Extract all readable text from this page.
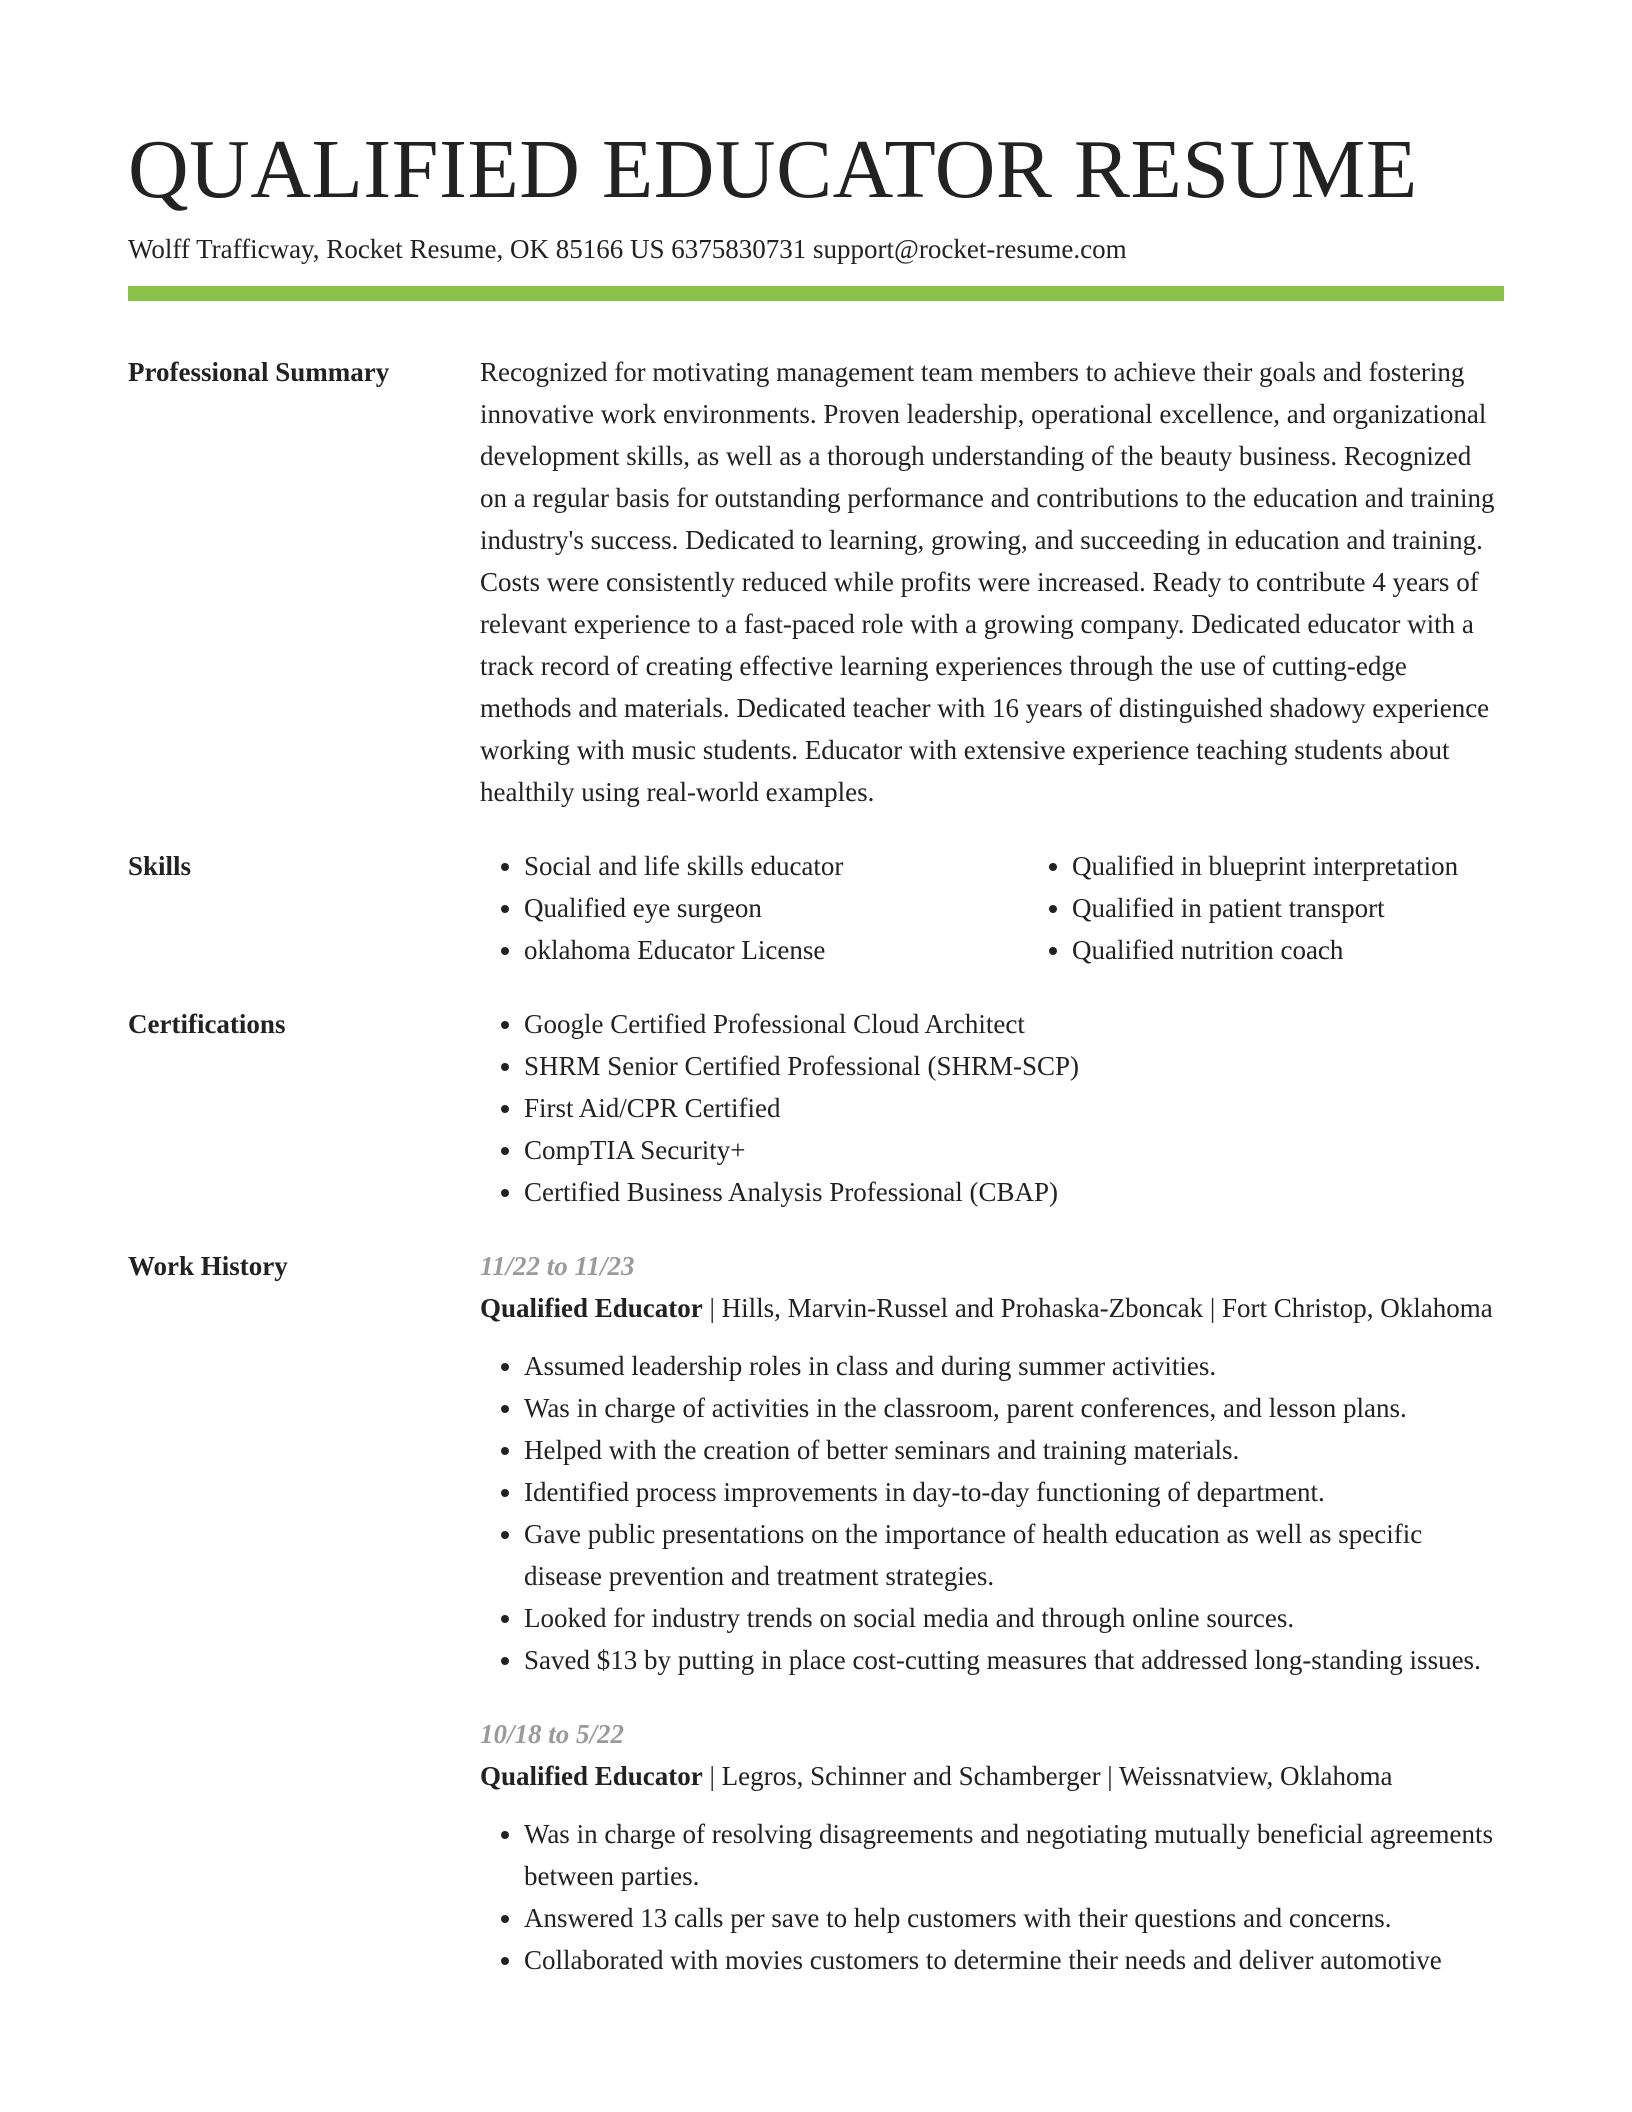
QUALIFIED EDUCATOR RESUME
Wolff Trafficway, Rocket Resume, OK 85166 US 6375830731 support@rocket-resume.com
Professional Summary	Recognized for motivating management team members to achieve their goals and fostering innovative work environments. Proven leadership, operational excellence, and organizational development skills, as well as a thorough understanding of the beauty business. Recognized on a regular basis for outstanding performance and contributions to the education and training industry's success. Dedicated to learning, growing, and succeeding in education and training. Costs were consistently reduced while profits were increased. Ready to contribute 4 years of relevant experience to a fast-paced role with a growing company. Dedicated educator with a track record of creating effective learning experiences through the use of cutting-edge methods and materials. Dedicated teacher with 16 years of distinguished shadowy experience working with music students. Educator with extensive experience teaching students about healthily using real-world examples.
Skills	• Social and life skills educator
• Qualified eye surgeon
• oklahoma Educator License
• Qualified in blueprint interpretation
• Qualified in patient transport
• Qualified nutrition coach
Certifications	• Google Certified Professional Cloud Architect
• SHRM Senior Certified Professional (SHRM-SCP)
• First Aid/CPR Certified
• CompTIA Security+
• Certified Business Analysis Professional (CBAP)
Work History	11/22 to 11/23
Qualified Educator | Hills, Marvin-Russel and Prohaska-Zboncak | Fort Christop, Oklahoma
• Assumed leadership roles in class and during summer activities.
• Was in charge of activities in the classroom, parent conferences, and lesson plans.
• Helped with the creation of better seminars and training materials.
• Identified process improvements in day-to-day functioning of department.
• Gave public presentations on the importance of health education as well as specific disease prevention and treatment strategies.
• Looked for industry trends on social media and through online sources.
• Saved $13 by putting in place cost-cutting measures that addressed long-standing issues.
10/18 to 5/22
Qualified Educator | Legros, Schinner and Schamberger | Weissnatview, Oklahoma
• Was in charge of resolving disagreements and negotiating mutually beneficial agreements between parties.
• Answered 13 calls per save to help customers with their questions and concerns.
• Collaborated with movies customers to determine their needs and deliver automotive
